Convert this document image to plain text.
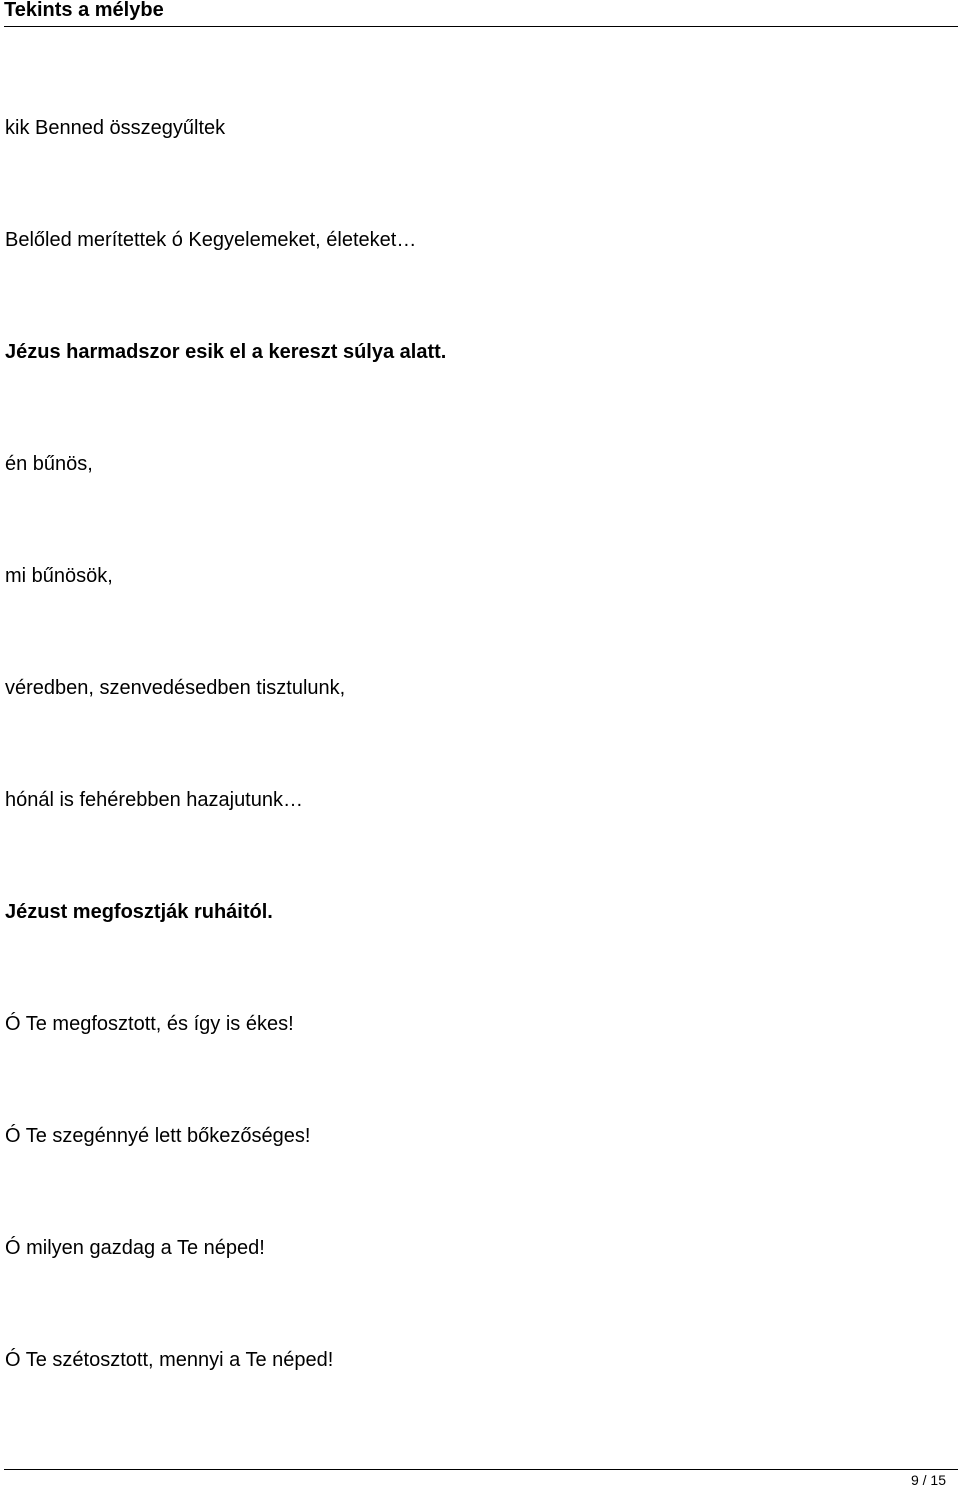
Tekints a mélybe
kik Benned összegyűltek
Belőled merítettek ó Kegyelemeket, életeket…
Jézus harmadszor esik el a kereszt súlya alatt.
én bűnös,
mi bűnösök,
véredben, szenvedésedben tisztulunk,
hónál is fehérebben hazajutunk…
Jézust megfosztják ruháitól.
Ó Te megfosztott, és így is ékes!
Ó Te szegénnyé lett bőkezőséges!
Ó milyen gazdag a Te néped!
Ó Te szétosztott, mennyi a Te néped!
9 / 15
